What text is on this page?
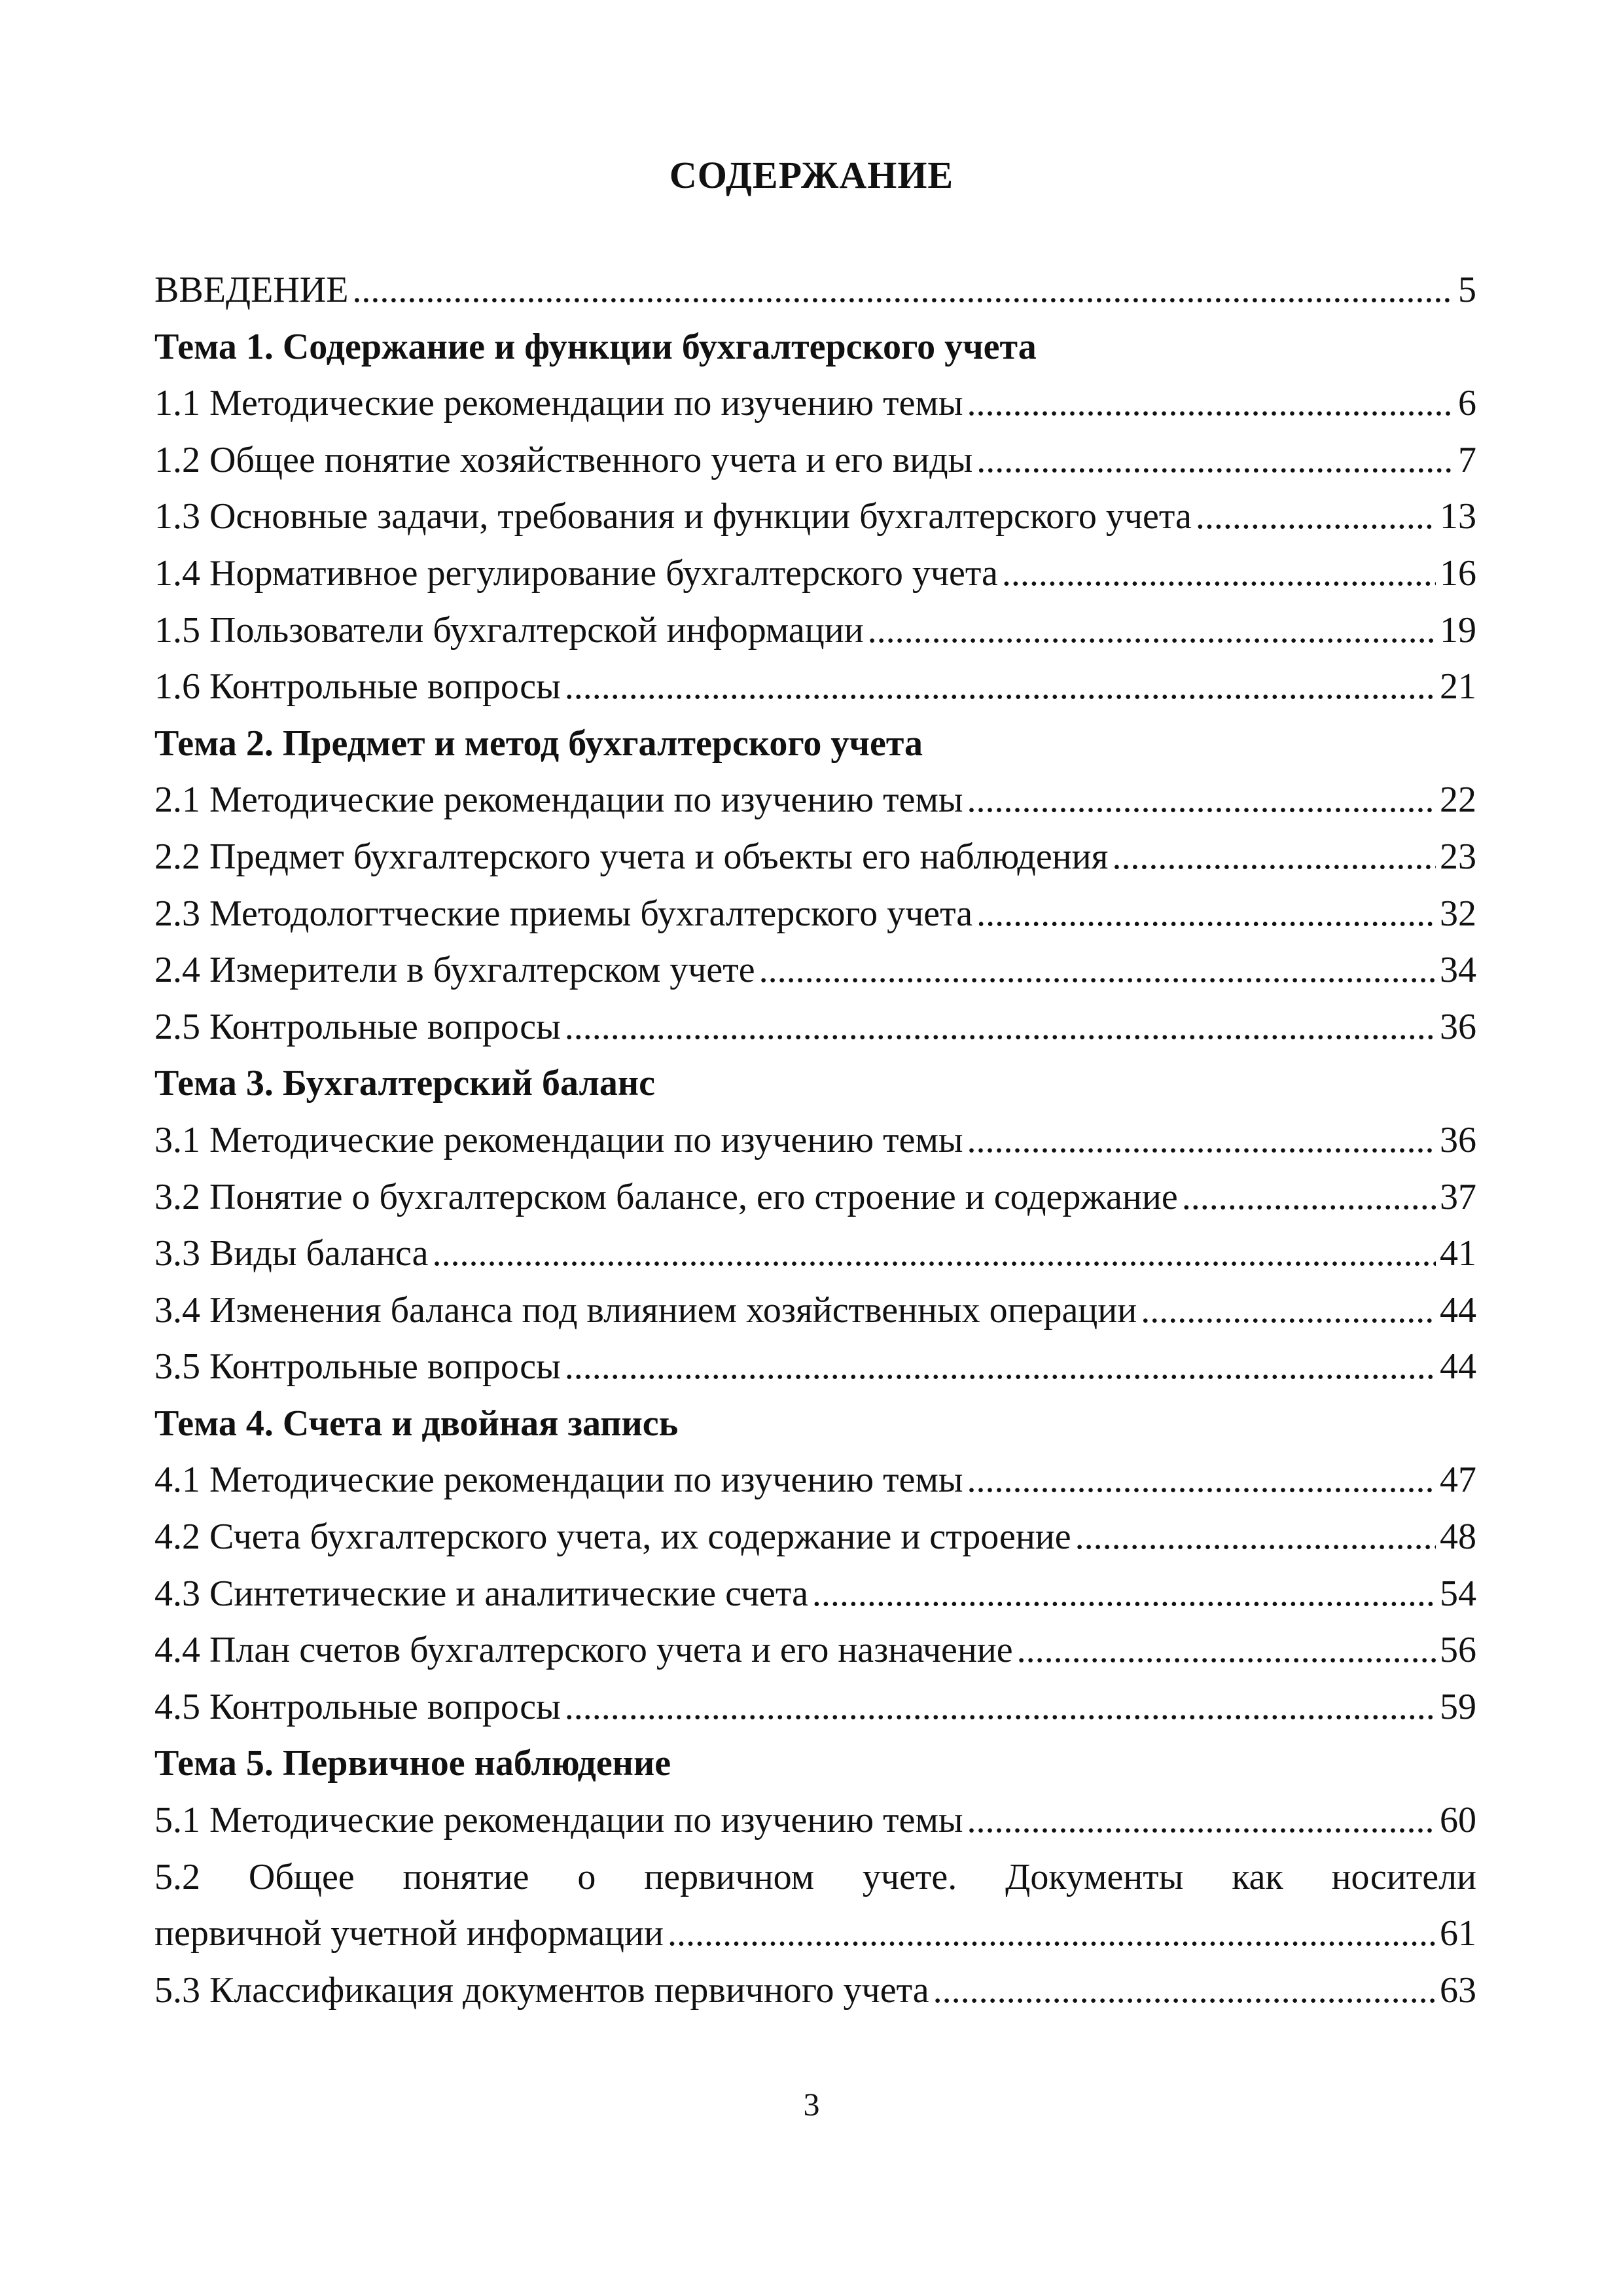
СОДЕРЖАНИЕ
ВВЕДЕНИЕ .....	5
Тема 1. Содержание и функции бухгалтерского учета
1.1 Методические рекомендации по изучению темы .....	6
1.2 Общее понятие хозяйственного учета и его виды .....	7
1.3 Основные задачи, требования и функции бухгалтерского учета .....	13
1.4 Нормативное регулирование бухгалтерского учета .....	16
1.5 Пользователи бухгалтерской информации .....	19
1.6 Контрольные вопросы .....	21
Тема 2. Предмет и метод бухгалтерского учета
2.1 Методические рекомендации по изучению темы .....	22
2.2 Предмет бухгалтерского учета и объекты его наблюдения .....	23
2.3 Методологтческие приемы бухгалтерского учета .....	32
2.4 Измерители в бухгалтерском учете .....	34
2.5 Контрольные вопросы .....	36
Тема 3. Бухгалтерский баланс
3.1 Методические рекомендации по изучению темы .....	36
3.2 Понятие о бухгалтерском балансе, его строение и содержание .....	37
3.3 Виды баланса .....	41
3.4 Изменения баланса под влиянием хозяйственных операции .....	44
3.5 Контрольные вопросы .....	44
Тема 4. Счета и двойная запись
4.1 Методические рекомендации по изучению темы .....	47
4.2 Счета бухгалтерского учета, их содержание и строение .....	48
4.3 Синтетические и аналитические счета .....	54
4.4 План счетов бухгалтерского учета и его назначение .....	56
4.5 Контрольные вопросы .....	59
Тема 5. Первичное наблюдение
5.1 Методические рекомендации по изучению темы .....	60
5.2 Общее понятие о первичном учете. Документы как носители
первичной учетной информации .....	61
5.3 Классификация документов первичного учета .....	63
3
